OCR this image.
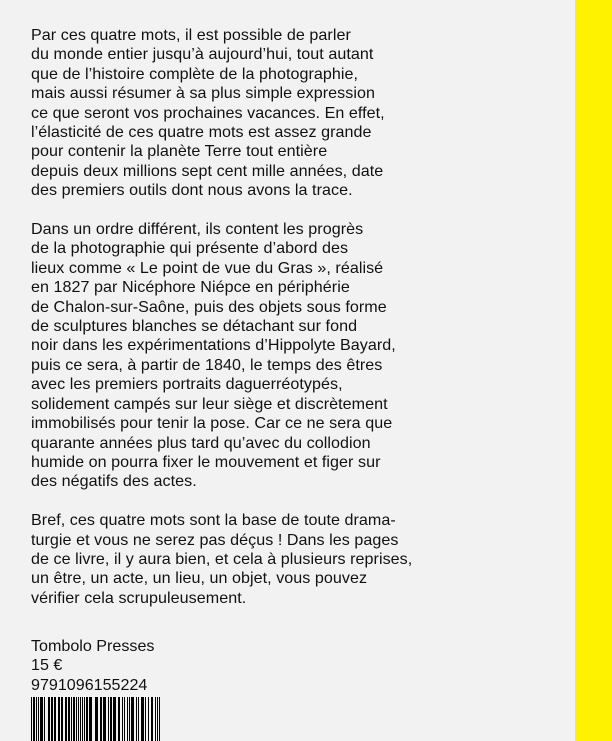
Par ces quatre mots, il est possible de parler
du monde entier jusqu’à aujourd’hui, tout autant
que de l’histoire complète de la photographie,
mais aussi résumer à sa plus simple expression
ce que seront vos prochaines vacances. En effet,
l’élasticité de ces quatre mots est assez grande
pour contenir la planète Terre tout entière
depuis deux millions sept cent mille années, date
des premiers outils dont nous avons la trace.

Dans un ordre différent, ils content les progrès
de la photographie qui présente d’abord des
lieux comme « Le point de vue du Gras », réalisé
en 1827 par Nicéphore Niépce en périphérie
de Chalon-sur-Saône, puis des objets sous forme
de sculptures blanches se détachant sur fond
noir dans les expérimentations d’Hippolyte Bayard,
puis ce sera, à partir de 1840, le temps des êtres
avec les premiers portraits daguerréotypés,
solidement campés sur leur siège et discrètement
immobilisés pour tenir la pose. Car ce ne sera que
quarante années plus tard qu’avec du collodion
humide on pourra fixer le mouvement et figer sur
des négatifs des actes.

Bref, ces quatre mots sont la base de toute drama-
turgie et vous ne serez pas déçus ! Dans les pages
de ce livre, il y aura bien, et cela à plusieurs reprises,
un être, un acte, un lieu, un objet, vous pouvez
vérifier cela scrupuleusement.

Tombolo Presses
15 €
9791096155224
